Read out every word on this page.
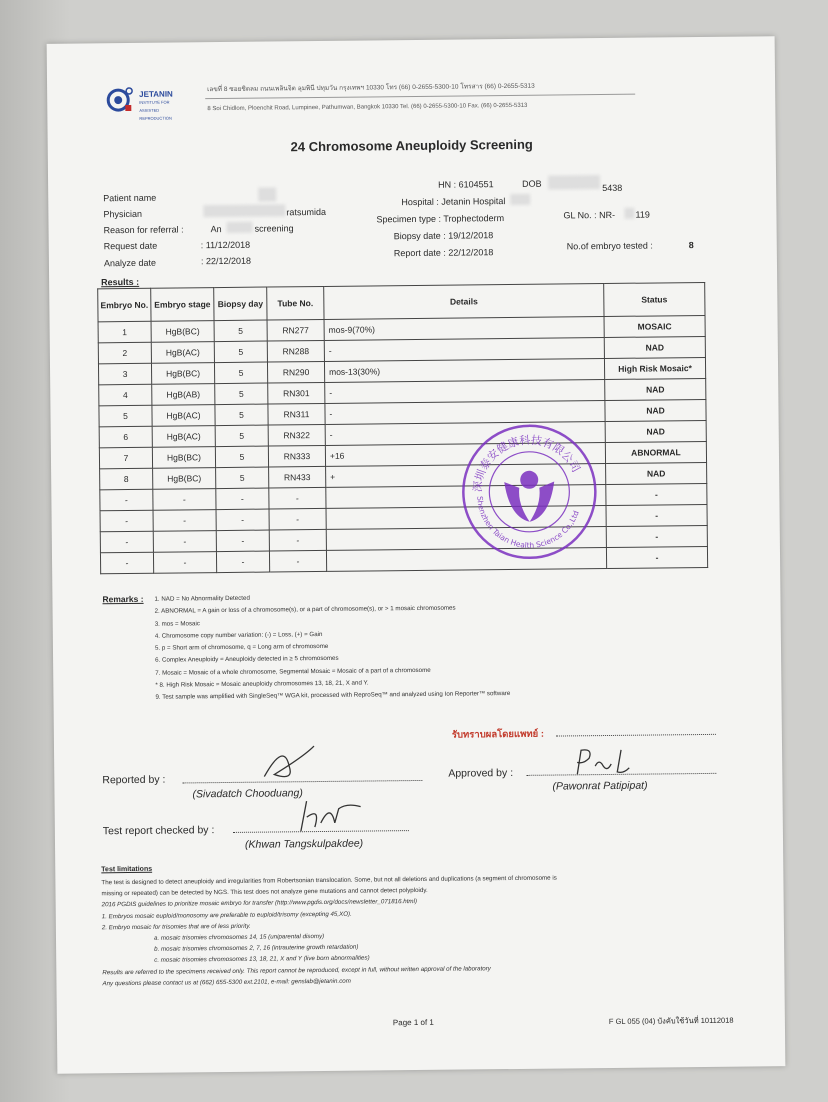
JETANIN
INSTITUTE FOR
ASSISTED
REPRODUCTION
เลขที่ 8 ซอยชิดลม ถนนเพลินจิต ลุมพินี ปทุมวัน กรุงเทพฯ 10330 โทร (66) 0-2655-5300-10 โทรสาร (66) 0-2655-5313
8 Soi Chidlom, Ploenchit Road, Lumpinee, Pathumwan, Bangkok 10330 Tel. (66) 0-2655-5300-10 Fax. (66) 0-2655-5313
24 Chromosome Aneuploidy Screening
Patient name
Physician	ratsumida
Reason for referral :	An	screening
Request date	: 11/12/2018
Analyze date	: 22/12/2018
HN : 6104551	DOB	5438
Hospital : Jetanin Hospital
Specimen type : Trophectoderm	GL No. : NR- 119
Biopsy date : 19/12/2018
Report date : 22/12/2018
No.of embryo tested :	8
Results :
Embryo No.	Embryo stage	Biopsy day	Tube No.	Details	Status
1	HgB(BC)	5	RN277	mos-9(70%)	MOSAIC
2	HgB(AC)	5	RN288	-	NAD
3	HgB(BC)	5	RN290	mos-13(30%)	High Risk Mosaic*
4	HgB(AB)	5	RN301	-	NAD
5	HgB(AC)	5	RN311	-	NAD
6	HgB(AC)	5	RN322	-	NAD
7	HgB(BC)	5	RN333	+16	ABNORMAL
8	HgB(BC)	5	RN433	+	NAD
-	-	-	-		-
-	-	-	-		-
-	-	-	-		-
-	-	-	-		-
深圳泰安健康科技有限公司
Shenzhen Taian Health Science Co.,Ltd
Remarks : 1. NAD = No Abnormality Detected
2. ABNORMAL = A gain or loss of a chromosome(s), or a part of chromosome(s), or > 1 mosaic chromosomes
3. mos = Mosaic
4. Chromosome copy number variation: (-) = Loss, (+) = Gain
5. p = Short arm of chromosome, q = Long arm of chromosome
6. Complex Aneuploidy = Aneuploidy detected in ≥ 5 chromosomes
7. Mosaic = Mosaic of a whole chromosome, Segmental Mosaic = Mosaic of a part of a chromosome
* 8. High Risk Mosaic = Mosaic aneuploidy chromosomes 13, 18, 21, X and Y.
9. Test sample was amplified with SingleSeq™ WGA kit, processed with ReproSeq™ and analyzed using Ion Reporter™ software
รับทราบผลโดยแพทย์ :
Reported by :
(Sivadatch Chooduang)
Approved by :
(Pawonrat Patipipat)
Test report checked by :
(Khwan Tangskulpakdee)
Test limitations
The test is designed to detect aneuploidy and irregularities from Robertsonian translocation. Some, but not all deletions and duplications (a segment of chromosome is
missing or repeated) can be detected by NGS. This test does not analyze gene mutations and cannot detect polyploidy.
2016 PGDIS guidelines to prioritize mosaic embryo for transfer (http://www.pgdis.org/docs/newsletter_071816.html)
1. Embryos mosaic euploid/monosomy are preferable to euploid/trisomy (excepting 45,XO).
2. Embryo mosaic for trisomies that are of less priority.
a. mosaic trisomies chromosomes 14, 15 (uniparental disomy)
b. mosaic trisomies chromosomes 2, 7, 16 (intrauterine growth retardation)
c. mosaic trisomies chromosomes 13, 18, 21, X and Y (live born abnormalities)
Results are referred to the specimens received only. This report cannot be reproduced, except in full, without written approval of the laboratory
Any questions please contact us at (662) 655-5300 ext.2101, e-mail: genslab@jetanin.com
Page 1 of 1	F GL 055 (04) บังคับใช้วันที่ 10112018
